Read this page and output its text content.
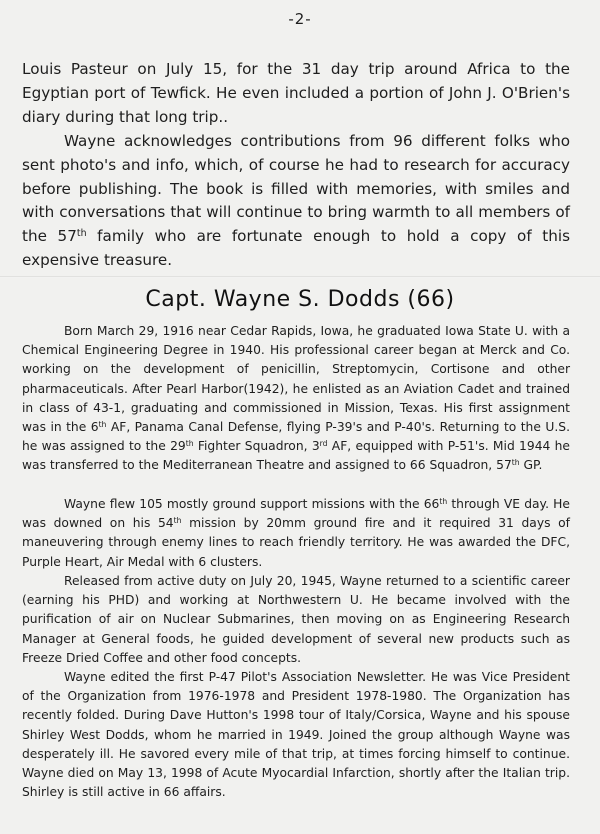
-2-
Louis Pasteur on July 15, for the 31 day trip around Africa to the Egyptian port of Tewfick. He even included a portion of John J. O'Brien's diary during that long trip..
Wayne acknowledges contributions from 96 different folks who sent photo's and info, which, of course he had to research for accuracy before publishing. The book is filled with memories, with smiles and with conversations that will continue to bring warmth to all members of the 57th family who are fortunate enough to hold a copy of this expensive treasure.
Capt. Wayne S. Dodds (66)
Born March 29, 1916 near Cedar Rapids, Iowa, he graduated Iowa State U. with a Chemical Engineering Degree in 1940. His professional career began at Merck and Co. working on the development of penicillin, Streptomycin, Cortisone and other pharmaceuticals. After Pearl Harbor(1942), he enlisted as an Aviation Cadet and trained in class of 43-1, graduating and commissioned in Mission, Texas. His first assignment was in the 6th AF, Panama Canal Defense, flying P-39's and P-40's. Returning to the U.S. he was assigned to the 29th Fighter Squadron, 3rd AF, equipped with P-51's. Mid 1944 he was transferred to the Mediterranean Theatre and assigned to 66 Squadron, 57th GP.
Wayne flew 105 mostly ground support missions with the 66th through VE day. He was downed on his 54th mission by 20mm ground fire and it required 31 days of maneuvering through enemy lines to reach friendly territory. He was awarded the DFC, Purple Heart, Air Medal with 6 clusters.
Released from active duty on July 20, 1945, Wayne returned to a scientific career (earning his PHD) and working at Northwestern U. He became involved with the purification of air on Nuclear Submarines, then moving on as Engineering Research Manager at General foods, he guided development of several new products such as Freeze Dried Coffee and other food concepts.
Wayne edited the first P-47 Pilot's Association Newsletter. He was Vice President of the Organization from 1976-1978 and President 1978-1980. The Organization has recently folded. During Dave Hutton's 1998 tour of Italy/Corsica, Wayne and his spouse Shirley West Dodds, whom he married in 1949. Joined the group although Wayne was desperately ill. He savored every mile of that trip, at times forcing himself to continue. Wayne died on May 13, 1998 of Acute Myocardial Infarction, shortly after the Italian trip. Shirley is still active in 66 affairs.
